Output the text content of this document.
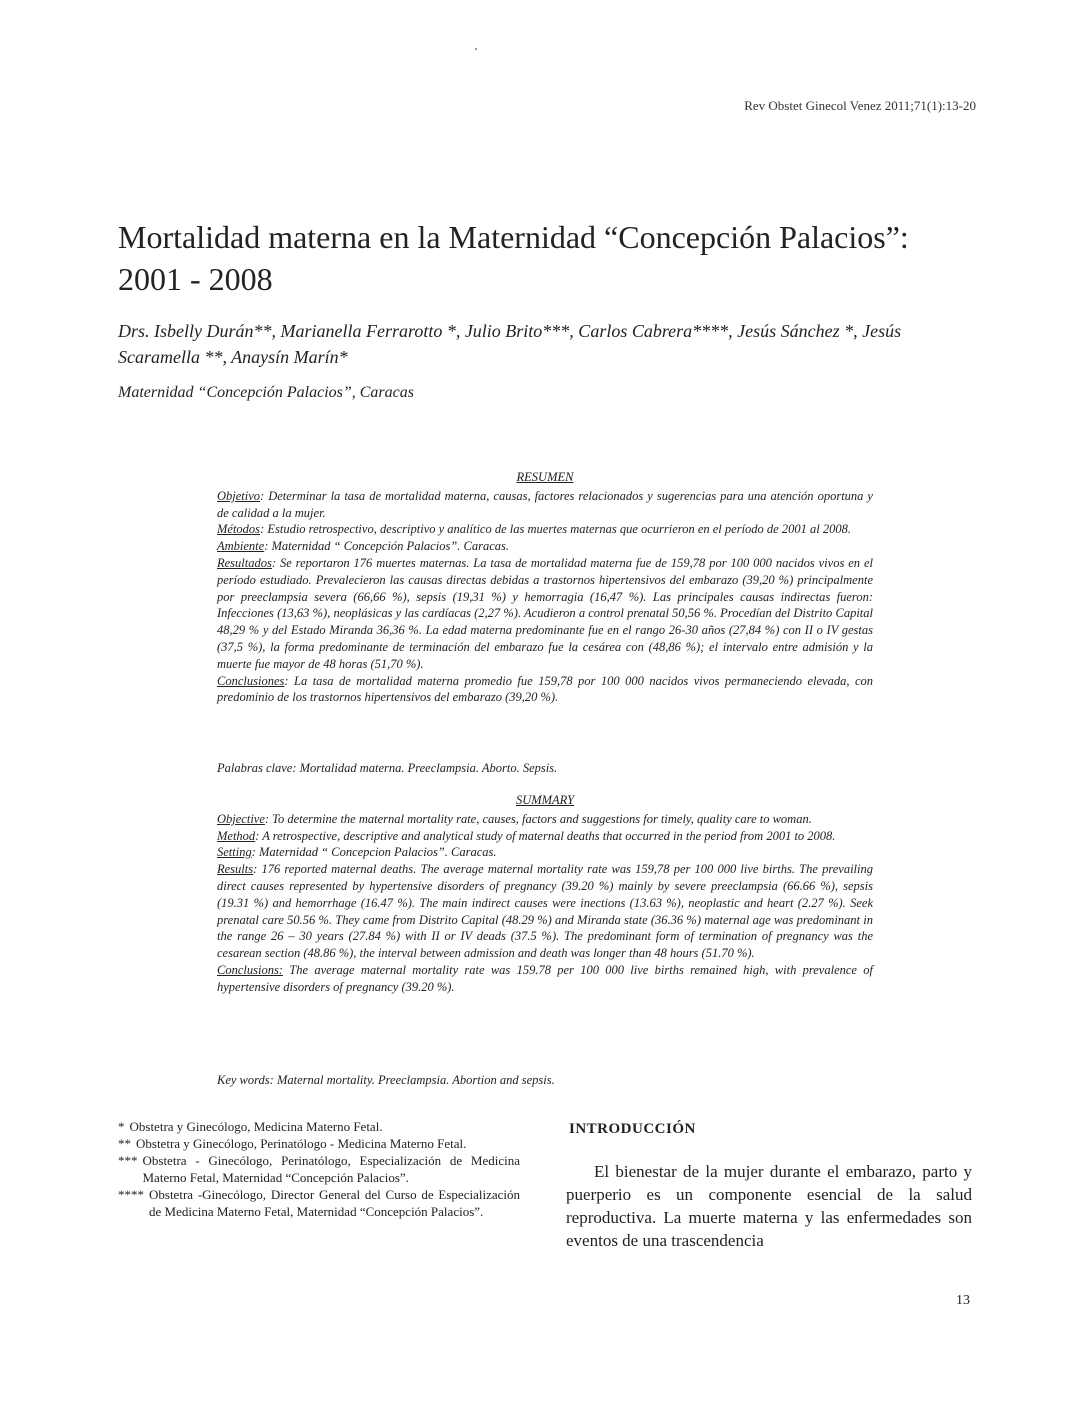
Rev Obstet Ginecol Venez 2011;71(1):13-20
Mortalidad materna en la Maternidad “Concepción Palacios”: 2001 - 2008
Drs. Isbelly Durán**, Marianella Ferrarotto *, Julio Brito***, Carlos Cabrera****, Jesús Sánchez *, Jesús Scaramella **, Anaysín Marín*
Maternidad “Concepción Palacios”, Caracas
RESUMEN

Objetivo: Determinar la tasa de mortalidad materna, causas, factores relacionados y sugerencias para una atención oportuna y de calidad a la mujer.

Métodos: Estudio retrospectivo, descriptivo y analítico de las muertes maternas que ocurrieron en el período de 2001 al 2008.

Ambiente: Maternidad “ Concepción Palacios”. Caracas.

Resultados: Se reportaron 176 muertes maternas. La tasa de mortalidad materna fue de 159,78 por 100 000 nacidos vivos en el período estudiado. Prevalecieron las causas directas debidas a trastornos hipertensivos del embarazo (39,20 %) principalmente por preeclampsia severa (66,66 %), sepsis (19,31 %) y hemorragia (16,47 %). Las principales causas indirectas fueron: Infecciones (13,63 %), neoplásicas y las cardíacas (2,27 %). Acudieron a control prenatal 50,56 %. Procedían del Distrito Capital 48,29 % y del Estado Miranda 36,36 %. La edad materna predominante fue en el rango 26-30 años (27,84 %) con II o IV gestas (37,5 %), la forma predominante de terminación del embarazo fue la cesárea con (48,86 %); el intervalo entre admisión y la muerte fue mayor de 48 horas (51,70 %).

Conclusiones: La tasa de mortalidad materna promedio fue 159,78 por 100 000 nacidos vivos permaneciendo elevada, con predominio de los trastornos hipertensivos del embarazo (39,20 %).

Palabras clave: Mortalidad materna. Preeclampsia. Aborto. Sepsis.
SUMMARY

Objective: To determine the maternal mortality rate, causes, factors and suggestions for timely, quality care to woman.

Method: A retrospective, descriptive and analytical study of maternal deaths that occurred in the period from 2001 to 2008.

Setting: Maternidad “ Concepcion Palacios”. Caracas.

Results: 176 reported maternal deaths. The average maternal mortality rate was 159,78 per 100 000 live births. The prevailing direct causes represented by hypertensive disorders of pregnancy (39.20 %) mainly by severe preeclampsia (66.66 %), sepsis (19.31 %) and hemorrhage (16.47 %). The main indirect causes were inections (13.63 %), neoplastic and heart (2.27 %). Seek prenatal care 50.56 %. They came from Distrito Capital (48.29 %) and Miranda state (36.36 %) maternal age was predominant in the range 26 – 30 years (27.84 %) with II or IV deads (37.5 %). The predominant form of termination of pregnancy was the cesarean section (48.86 %), the interval between admission and death was longer than 48 hours (51.70 %).

Conclusions: The average maternal mortality rate was 159.78 per 100 000 live births remained high, with prevalence of hypertensive disorders of pregnancy (39.20 %).

Key words: Maternal mortality. Preeclampsia. Abortion and sepsis.
* Obstetra y Ginecólogo, Medicina Materno Fetal.
** Obstetra y Ginecólogo, Perinatólogo - Medicina Materno Fetal.
*** Obstetra - Ginecólogo, Perinatólogo, Especialización de Medicina Materno Fetal, Maternidad “Concepción Palacios”.
**** Obstetra -Ginecólogo, Director General del Curso de Especialización de Medicina Materno Fetal, Maternidad “Concepción Palacios”.
INTRODUCCIÓN
El bienestar de la mujer durante el embarazo, parto y puerperio es un componente esencial de la salud reproductiva. La muerte materna y las enfermedades son eventos de una trascendencia
13
